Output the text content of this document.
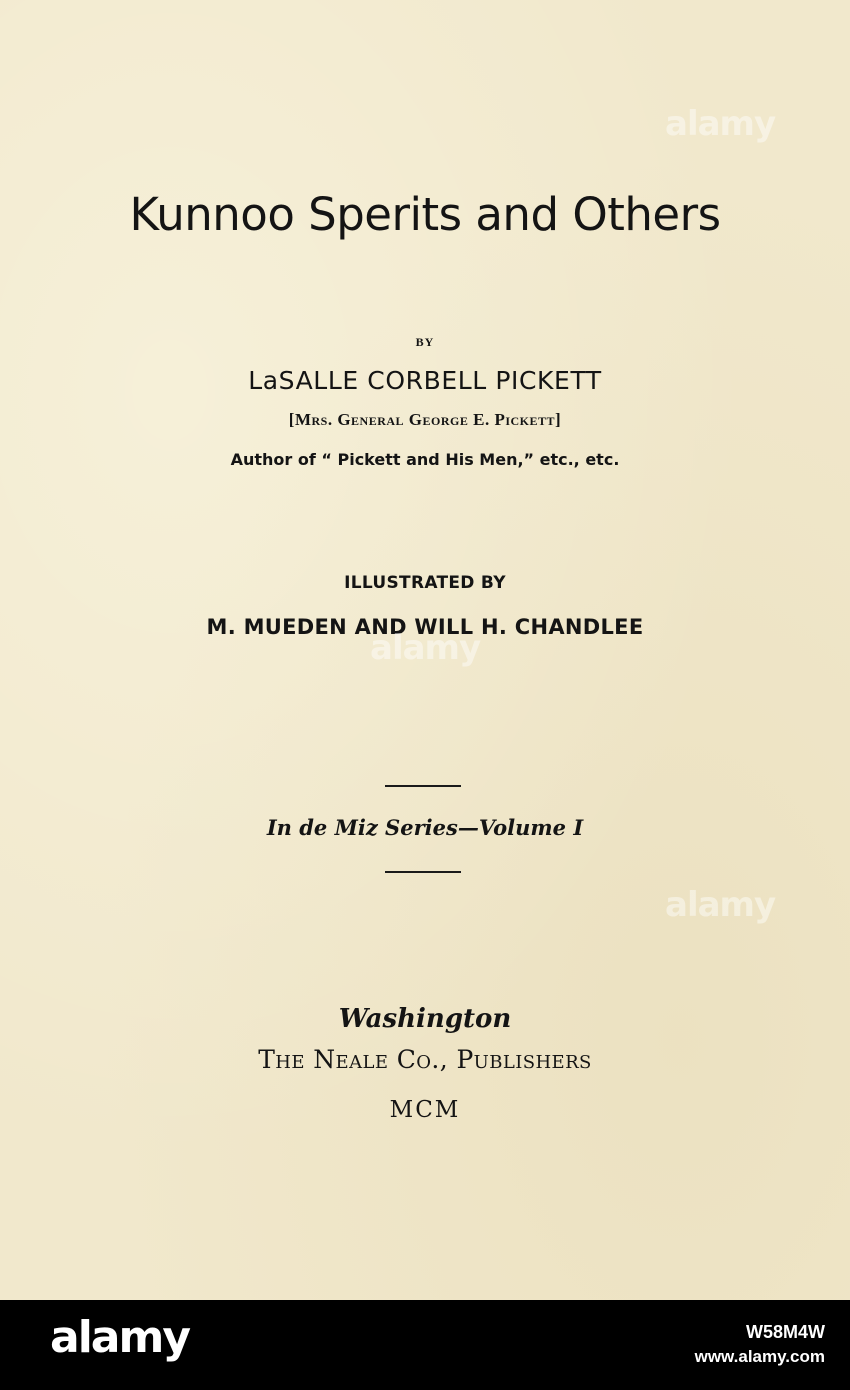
Kunnoo Sperits and Others
BY
LaSALLE CORBELL PICKETT
[Mrs. General George E. Pickett]
Author of “ Pickett and His Men,” etc., etc.
ILLUSTRATED BY
M. MUEDEN AND WILL H. CHANDLEE
In de Miz Series—Volume I
Washington
The Neale Co., Publishers
MCM
alamy
alamy
alamy
alamy	W58M4W
www.alamy.com
